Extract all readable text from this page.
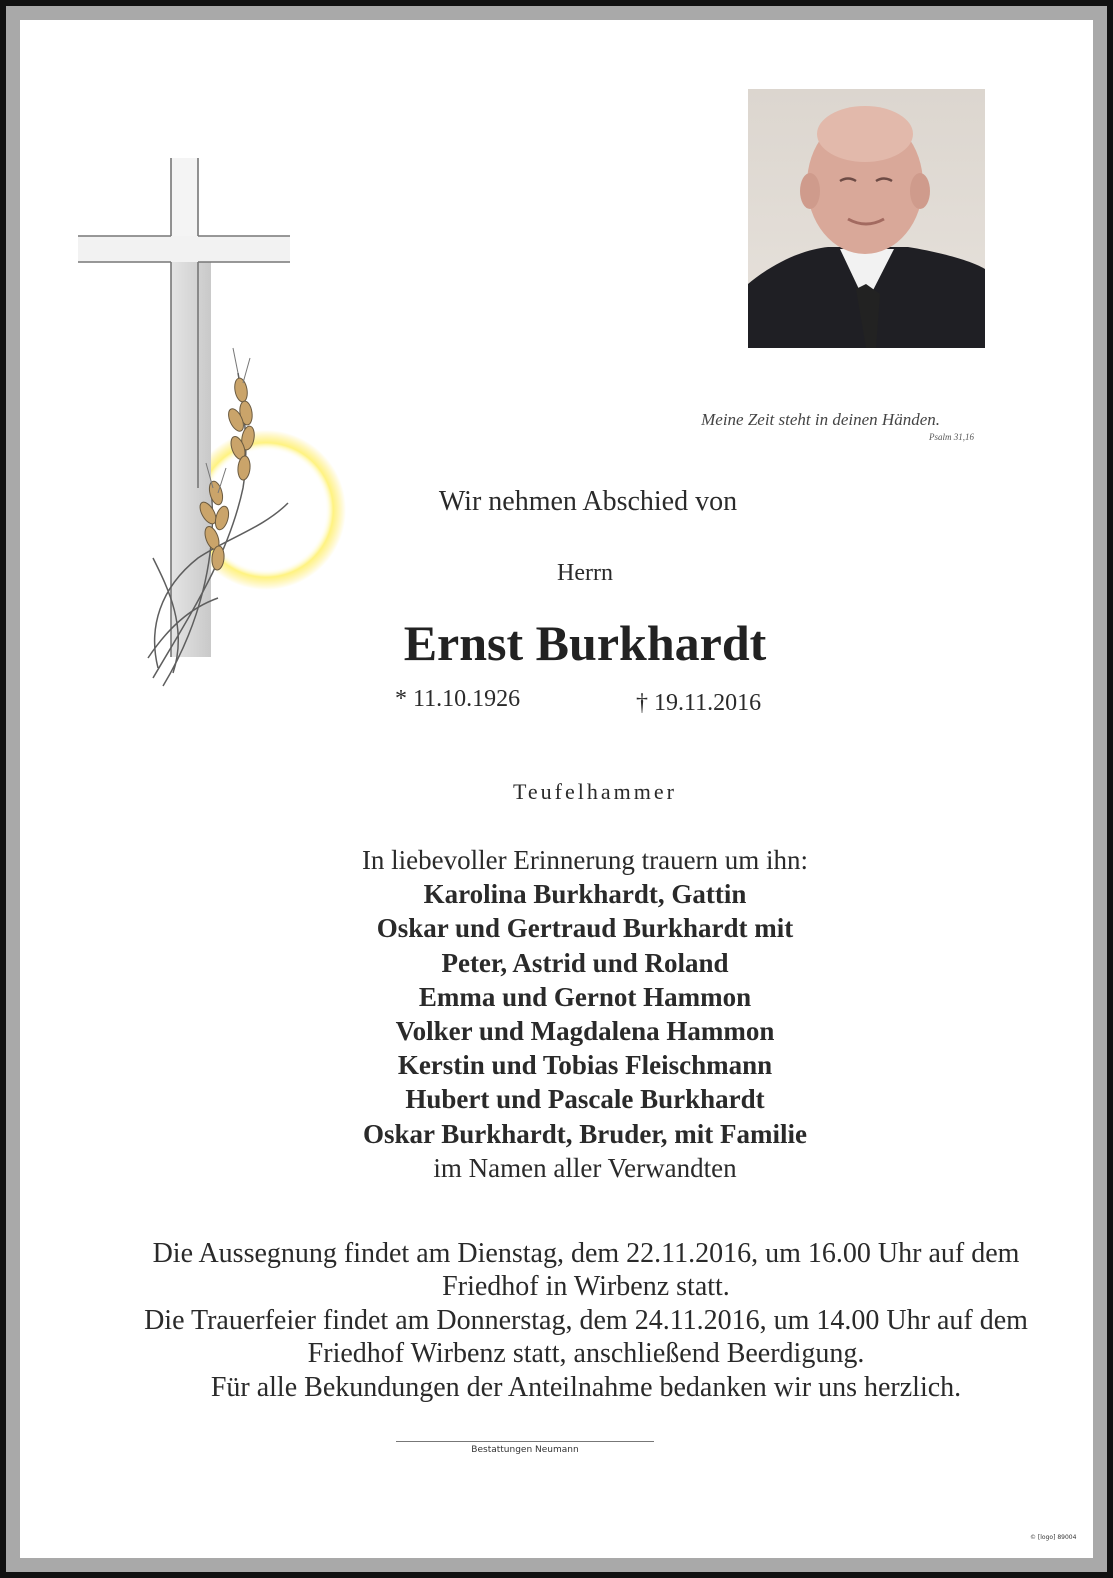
Meine Zeit steht in deinen Händen.
Psalm 31,16
Wir nehmen Abschied von
Herrn
Ernst Burkhardt
* 11.10.1926	† 19.11.2016
Teufelhammer
In liebevoller Erinnerung trauern um ihn:
Karolina Burkhardt, Gattin
Oskar und Gertraud Burkhardt mit
Peter, Astrid und Roland
Emma und Gernot Hammon
Volker und Magdalena Hammon
Kerstin und Tobias Fleischmann
Hubert und Pascale Burkhardt
Oskar Burkhardt, Bruder, mit Familie
im Namen aller Verwandten
Die Aussegnung findet am Dienstag, dem 22.11.2016, um 16.00 Uhr auf dem
Friedhof in Wirbenz statt.
Die Trauerfeier findet am Donnerstag, dem 24.11.2016, um 14.00 Uhr auf dem
Friedhof Wirbenz statt, anschließend Beerdigung.
Für alle Bekundungen der Anteilnahme bedanken wir uns herzlich.
Bestattungen Neumann
© [logo] 89004
